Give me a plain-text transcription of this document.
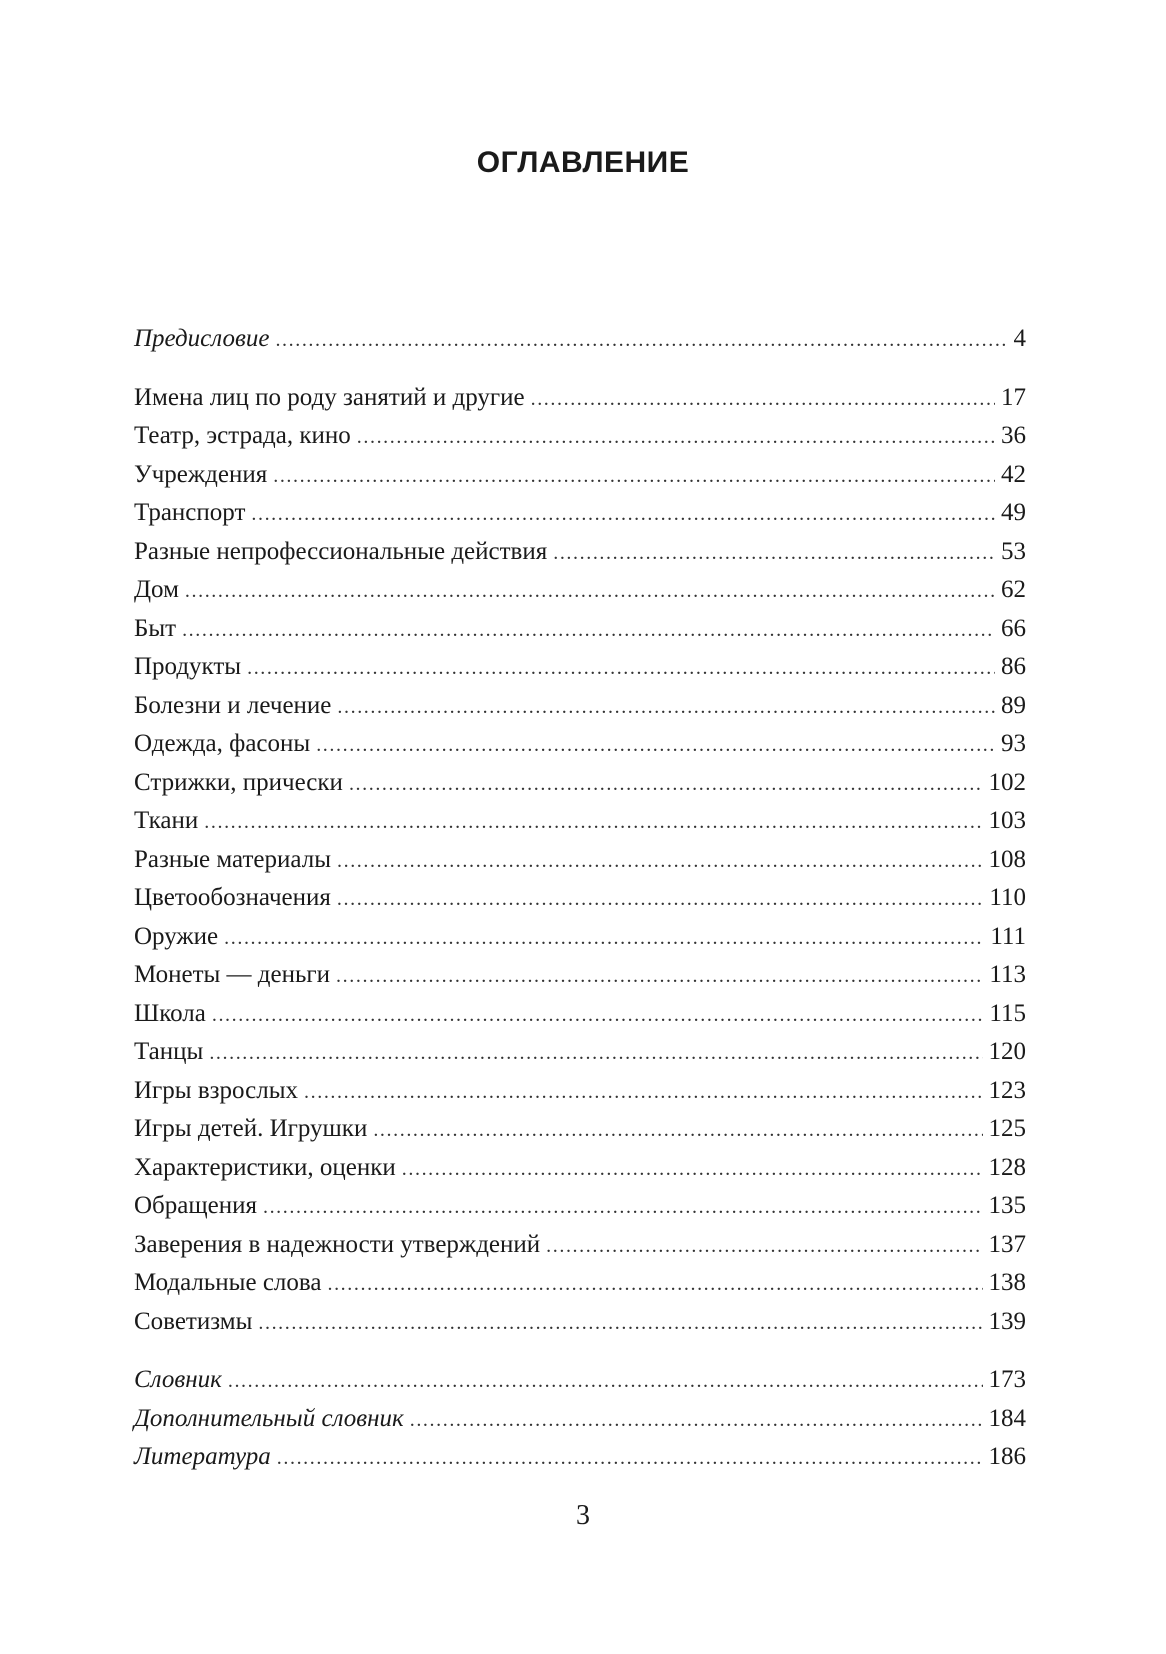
ОГЛАВЛЕНИЕ
Предисловие .....	4
Имена лиц по роду занятий и другие .....	17
Театр, эстрада, кино .....	36
Учреждения .....	42
Транспорт .....	49
Разные непрофессиональные действия .....	53
Дом .....	62
Быт .....	66
Продукты .....	86
Болезни и лечение .....	89
Одежда, фасоны .....	93
Стрижки, прически .....	102
Ткани .....	103
Разные материалы .....	108
Цветообозначения .....	110
Оружие .....	111
Монеты — деньги .....	113
Школа .....	115
Танцы .....	120
Игры взрослых .....	123
Игры детей. Игрушки .....	125
Характеристики, оценки .....	128
Обращения .....	135
Заверения в надежности утверждений .....	137
Модальные слова .....	138
Советизмы .....	139
Словник .....	173
Дополнительный словник .....	184
Литература .....	186
3
